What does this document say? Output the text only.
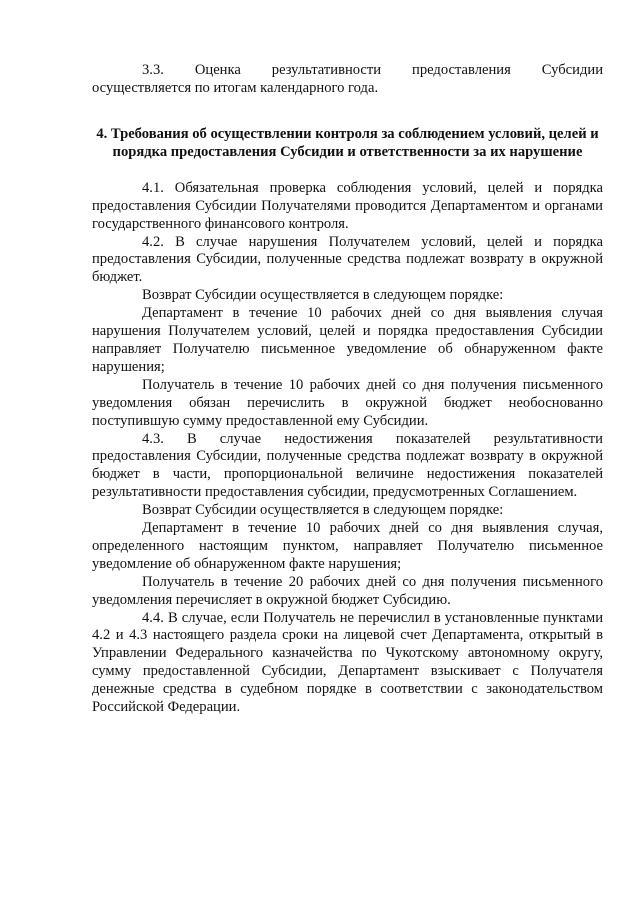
3.3.     Оценка     результативности     предоставления     Субсидии осуществляется по итогам календарного года.

4. Требования об осуществлении контроля за соблюдением условий, целей и порядка предоставления Субсидии и ответственности за их нарушение

4.1. Обязательная проверка соблюдения условий, целей и порядка предоставления Субсидии Получателями проводится Департаментом и органами государственного финансового контроля.

4.2. В случае нарушения Получателем условий, целей и порядка предоставления Субсидии, полученные средства подлежат возврату в окружной бюджет.

Возврат Субсидии осуществляется в следующем порядке:

Департамент в течение 10 рабочих дней со дня выявления случая нарушения Получателем условий, целей и порядка предоставления Субсидии направляет Получателю письменное уведомление об обнаруженном факте нарушения;

Получатель в течение 10 рабочих дней со дня получения письменного уведомления обязан перечислить в окружной бюджет необоснованно поступившую сумму предоставленной ему Субсидии.

4.3. В случае недостижения показателей результативности предоставления Субсидии, полученные средства подлежат возврату в окружной бюджет в части, пропорциональной величине недостижения показателей результативности предоставления субсидии, предусмотренных Соглашением.

Возврат Субсидии осуществляется в следующем порядке:

Департамент в течение 10 рабочих дней со дня выявления случая, определенного настоящим пунктом, направляет Получателю письменное уведомление об обнаруженном факте нарушения;

Получатель в течение 20 рабочих дней со дня получения письменного уведомления перечисляет в окружной бюджет Субсидию.

4.4. В случае, если Получатель не перечислил в установленные пунктами 4.2 и 4.3 настоящего раздела сроки на лицевой счет Департамента, открытый в Управлении Федерального казначейства по Чукотскому автономному округу, сумму предоставленной Субсидии, Департамент взыскивает с Получателя денежные средства в судебном порядке в соответствии с законодательством Российской Федерации.
